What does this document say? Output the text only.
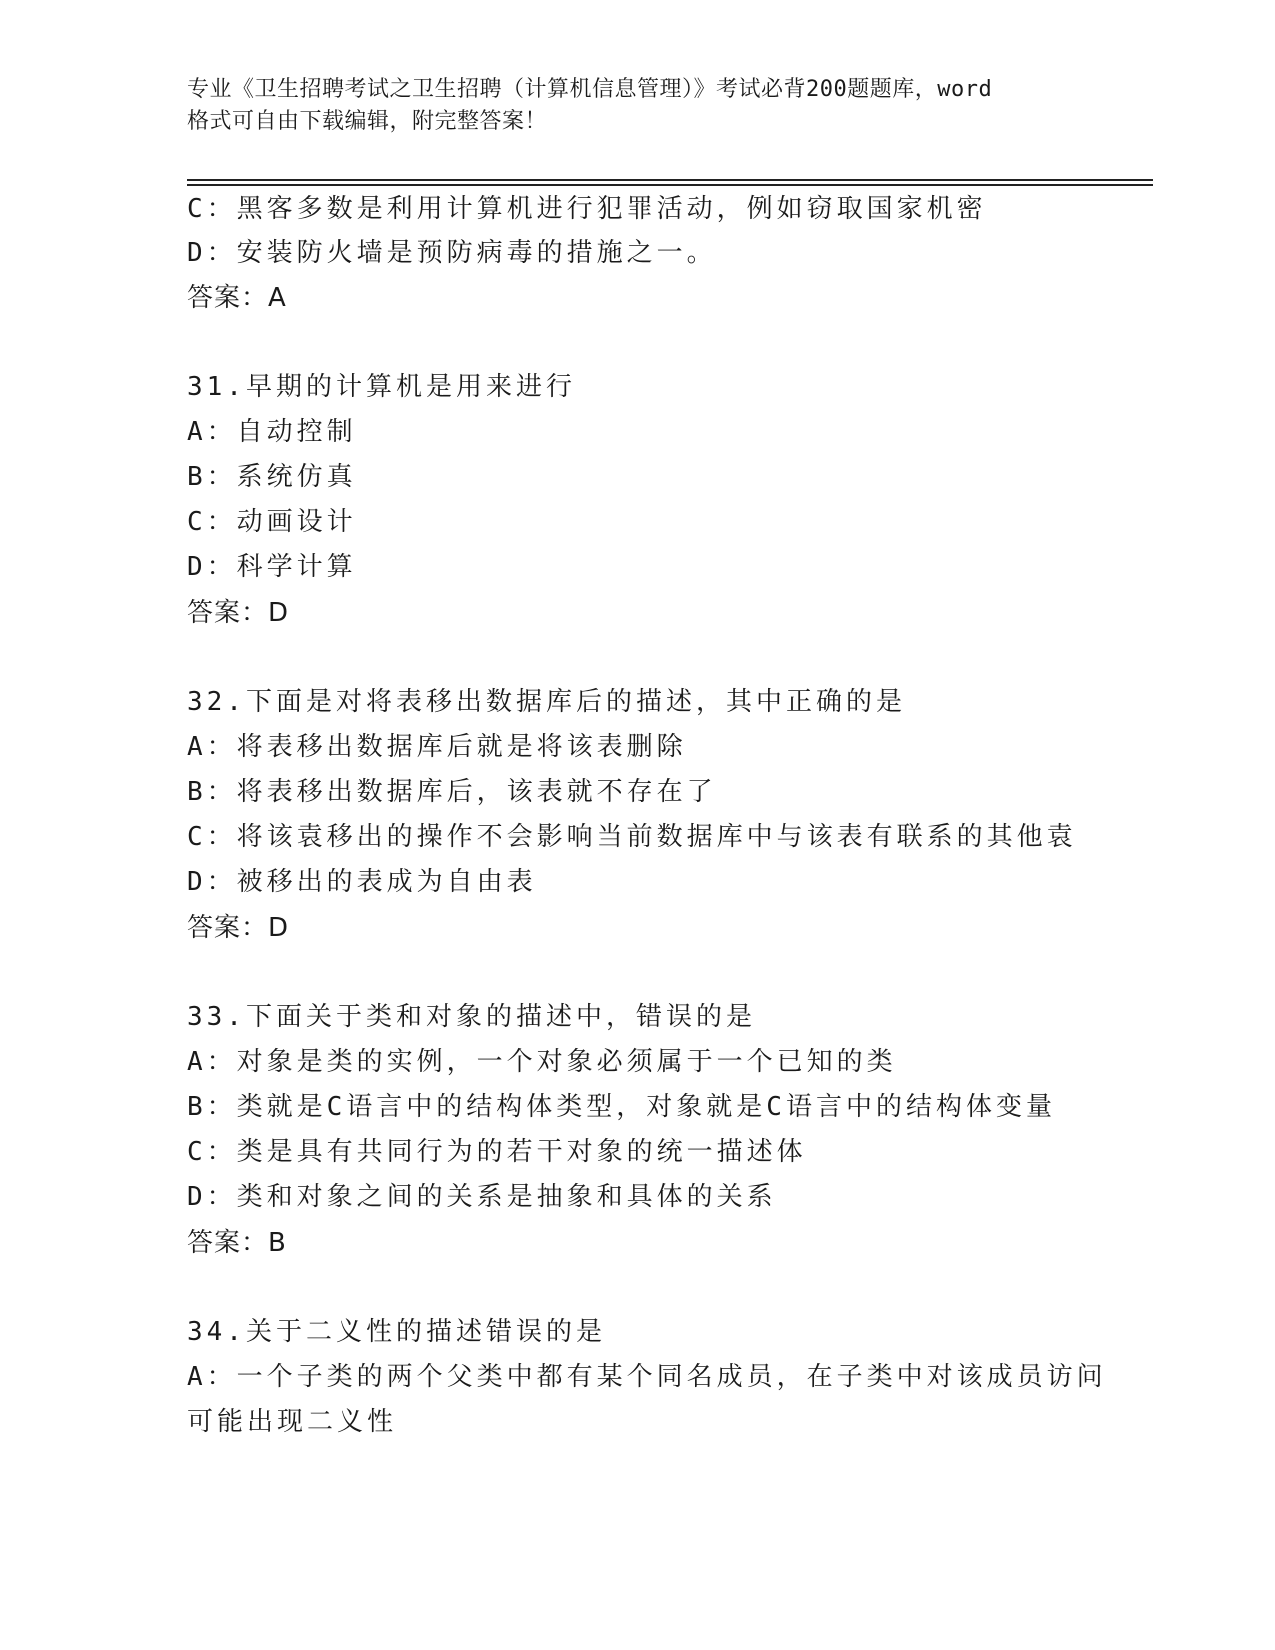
专业《卫生招聘考试之卫生招聘（计算机信息管理）》考试必背200题题库，word
格式可自由下载编辑，附完整答案！
C：黑客多数是利用计算机进行犯罪活动，例如窃取国家机密
D：安装防火墙是预防病毒的措施之一。
答案：A
31.早期的计算机是用来进行
A：自动控制
B：系统仿真
C：动画设计
D：科学计算
答案：D
32.下面是对将表移出数据库后的描述，其中正确的是
A：将表移出数据库后就是将该表删除
B：将表移出数据库后，该表就不存在了
C：将该袁移出的操作不会影响当前数据库中与该表有联系的其他袁
D：被移出的表成为自由表
答案：D
33.下面关于类和对象的描述中，错误的是
A：对象是类的实例，一个对象必须属于一个已知的类
B：类就是C语言中的结构体类型，对象就是C语言中的结构体变量
C：类是具有共同行为的若干对象的统一描述体
D：类和对象之间的关系是抽象和具体的关系
答案：B
34.关于二义性的描述错误的是
A：一个子类的两个父类中都有某个同名成员，在子类中对该成员访问
可能出现二义性
